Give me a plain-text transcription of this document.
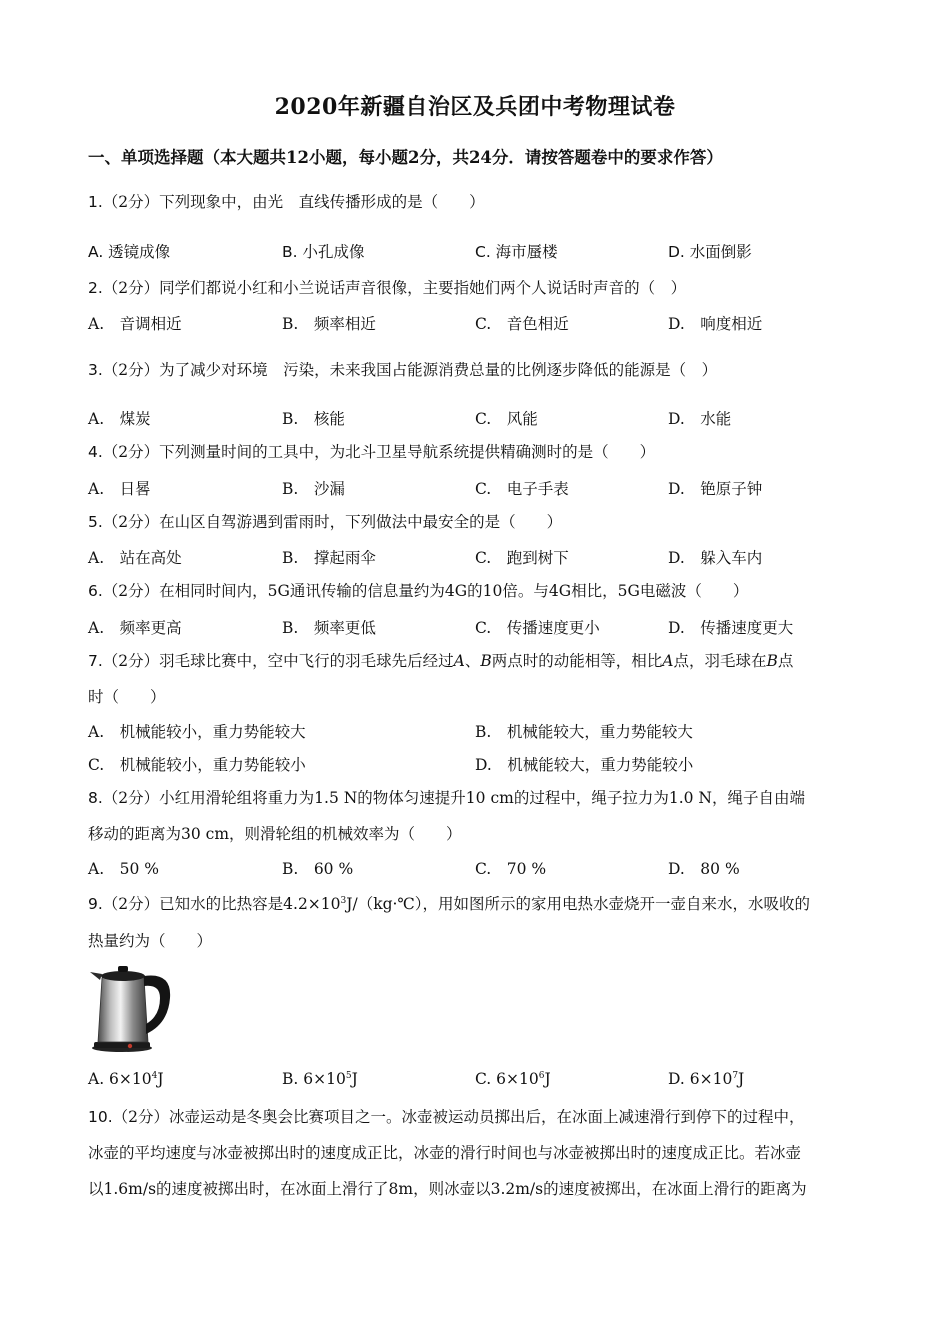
2020年新疆自治区及兵团中考物理试卷
一、单项选择题（本大题共12小题，每小题2分，共24分．请按答题卷中的要求作答）
1.（2分）下列现象中，由光　直线传播形成的是（　　）
A. 透镜成像	B. 小孔成像	C. 海市蜃楼	D. 水面倒影
2.（2分）同学们都说小红和小兰说话声音很像，主要指她们两个人说话时声音的（　）
A.　音调相近	B.　频率相近	C.　音色相近	D.　响度相近
3.（2分）为了减少对环境　污染，未来我国占能源消费总量的比例逐步降低的能源是（　）
A.　煤炭	B.　核能	C.　风能	D.　水能
4.（2分）下列测量时间的工具中，为北斗卫星导航系统提供精确测时的是（　　）
A.　日晷	B.　沙漏	C.　电子手表	D.　铯原子钟
5.（2分）在山区自驾游遇到雷雨时，下列做法中最安全的是（　　）
A.　站在高处	B.　撑起雨伞	C.　跑到树下	D.　躲入车内
6.（2分）在相同时间内，5G通讯传输的信息量约为4G的10倍。与4G相比，5G电磁波（　　）
A.　频率更高	B.　频率更低	C.　传播速度更小	D.　传播速度更大
7.（2分）羽毛球比赛中，空中飞行的羽毛球先后经过A、B两点时的动能相等，相比A点，羽毛球在B点
时（　　）
A.　机械能较小，重力势能较大	B.　机械能较大，重力势能较大
C.　机械能较小，重力势能较小	D.　机械能较大，重力势能较小
8.（2分）小红用滑轮组将重力为1.5 N的物体匀速提升10 cm的过程中，绳子拉力为1.0 N，绳子自由端
移动的距离为30 cm，则滑轮组的机械效率为（　　）
A.　50 %	B.　60 %	C.　70 %	D.　80 %
9.（2分）已知水的比热容是$4.2\times 10^3J/(kg\cdot℃)$，用如图所示的家用电热水壶烧开一壶自来水，水吸收的
热量约为（　　）
A. $6\times 10^4J$	B. $6\times 10^5J$	C. $6\times 10^6J$	D. $6\times 10^7J$
10.（2分）冰壶运动是冬奥会比赛项目之一。冰壶被运动员掷出后，在冰面上减速滑行到停下的过程中，
冰壶的平均速度与冰壶被掷出时的速度成正比，冰壶的滑行时间也与冰壶被掷出时的速度成正比。若冰壶
以1.6m/s的速度被掷出时，在冰面上滑行了8m，则冰壶以3.2m/s的速度被掷出，在冰面上滑行的距离为
